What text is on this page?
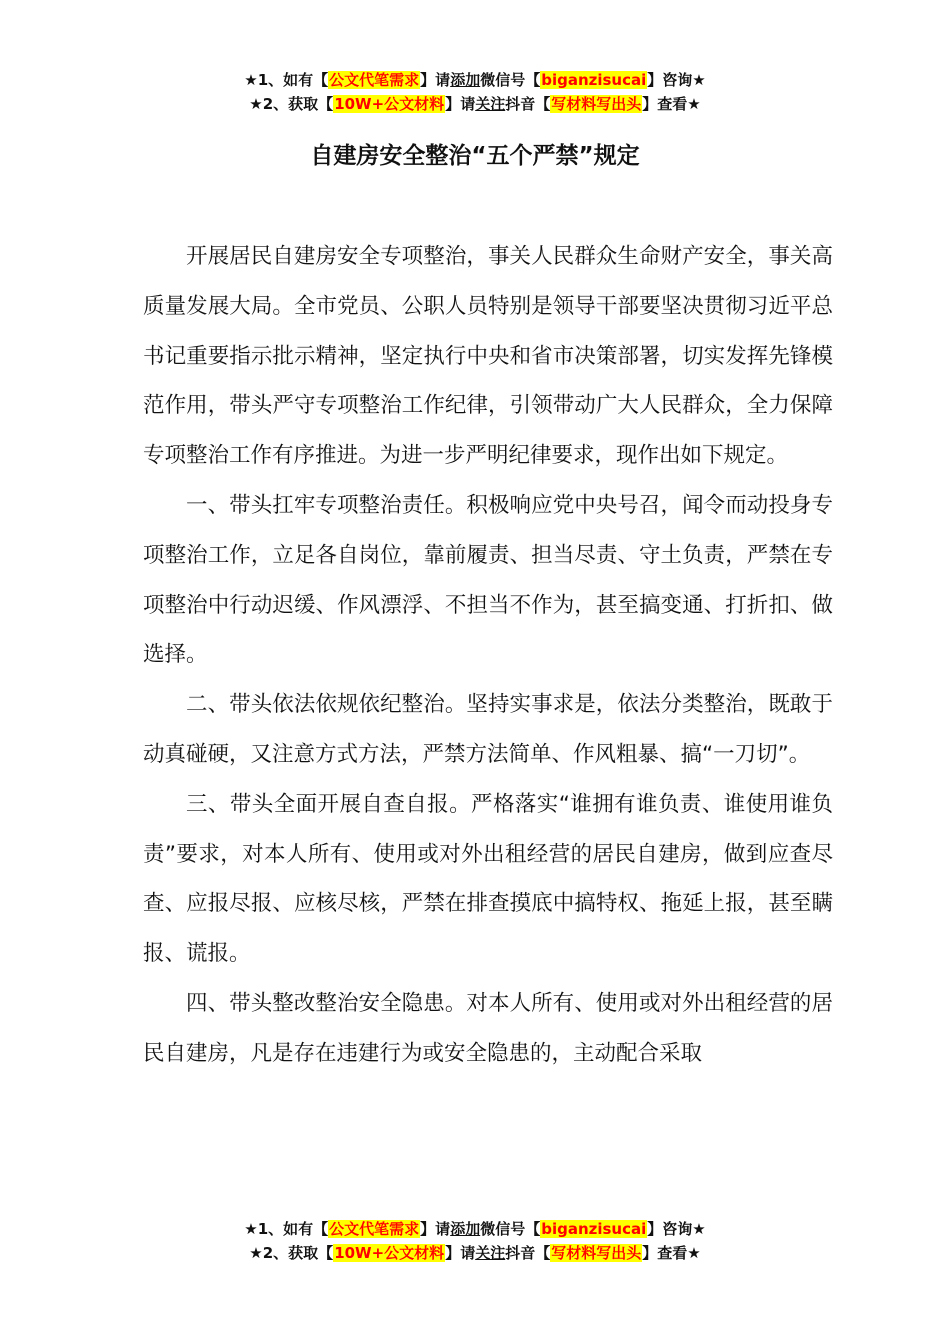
★1、如有【公文代笔需求】请添加微信号【biganzisucai】咨询★
★2、获取【10W+公文材料】请关注抖音【写材料写出头】查看★
自建房安全整治“五个严禁”规定

开展居民自建房安全专项整治，事关人民群众生命财产安全，事关高质量发展大局。全市党员、公职人员特别是领导干部要坚决贯彻习近平总书记重要指示批示精神，坚定执行中央和省市决策部署，切实发挥先锋模范作用，带头严守专项整治工作纪律，引领带动广大人民群众，全力保障专项整治工作有序推进。为进一步严明纪律要求，现作出如下规定。

一、带头扛牢专项整治责任。积极响应党中央号召，闻令而动投身专项整治工作，立足各自岗位，靠前履责、担当尽责、守土负责，严禁在专项整治中行动迟缓、作风漂浮、不担当不作为，甚至搞变通、打折扣、做选择。

二、带头依法依规依纪整治。坚持实事求是，依法分类整治，既敢于动真碰硬，又注意方式方法，严禁方法简单、作风粗暴、搞“一刀切”。

三、带头全面开展自查自报。严格落实“谁拥有谁负责、谁使用谁负责”要求，对本人所有、使用或对外出租经营的居民自建房，做到应查尽查、应报尽报、应核尽核，严禁在排查摸底中搞特权、拖延上报，甚至瞒报、谎报。

四、带头整改整治安全隐患。对本人所有、使用或对外出租经营的居民自建房，凡是存在违建行为或安全隐患的，主动配合采取

★1、如有【公文代笔需求】请添加微信号【biganzisucai】咨询★
★2、获取【10W+公文材料】请关注抖音【写材料写出头】查看★
